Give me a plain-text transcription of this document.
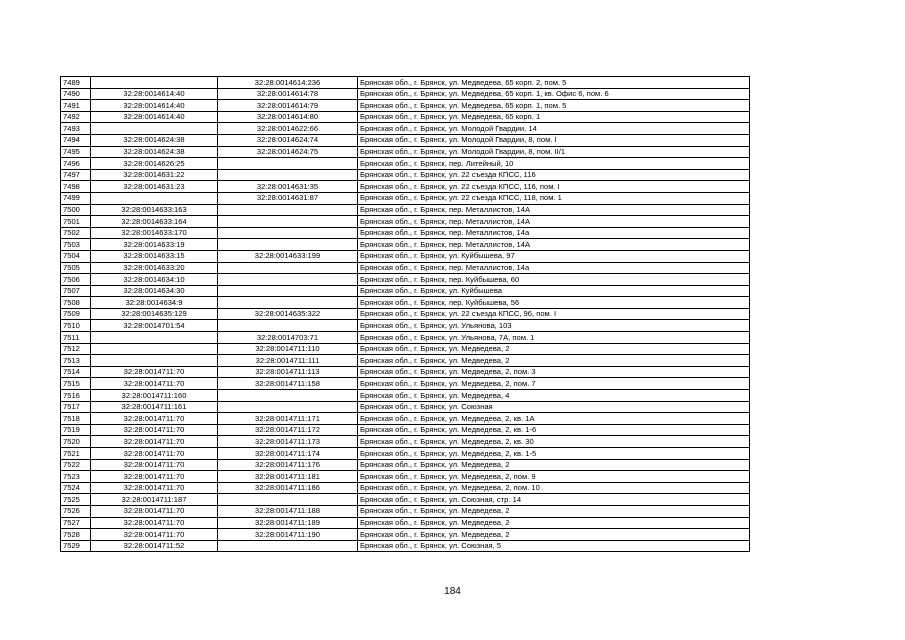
7489		32:28:0014614:236	Брянская обл., г. Брянск, ул. Медведева, 65 корп. 2, пом. 5
7490	32:28:0014614:40	32:28:0014614:78	Брянская обл., г. Брянск, ул. Медведева, 65 корп. 1, кв. Офис 6, пом. 6
7491	32:28:0014614:40	32:28:0014614:79	Брянская обл., г. Брянск, ул. Медведева, 65 корп. 1, пом. 5
7492	32:28:0014614:40	32:28:0014614:80	Брянская обл., г. Брянск, ул. Медведева, 65 корп. 1
7493		32:28:0014622:66	Брянская обл., г. Брянск, ул. Молодой Гвардии, 14
7494	32:28:0014624:38	32:28:0014624:74	Брянская обл., г. Брянск, ул. Молодой Гвардии, 8, пом. I
7495	32:28:0014624:38	32:28:0014624:75	Брянская обл., г. Брянск, ул. Молодой Гвардии, 8, пом. II/1
7496	32:28:0014626:25		Брянская обл., г. Брянск, пер. Литейный, 10
7497	32:28:0014631:22		Брянская обл., г. Брянск, ул. 22 съезда КПСС, 116
7498	32:28:0014631:23	32:28:0014631:35	Брянская обл., г. Брянск, ул. 22 съезда КПСС, 116, пом. I
7499		32:28:0014631:87	Брянская обл., г. Брянск, ул. 22 съезда КПСС, 118, пом. 1
7500	32:28:0014633:163		Брянская обл., г. Брянск, пер. Металлистов, 14А
7501	32:28:0014633:164		Брянская обл., г. Брянск, пер. Металлистов, 14А
7502	32:28:0014633:170		Брянская обл., г. Брянск, пер. Металлистов, 14а
7503	32:28:0014633:19		Брянская обл., г. Брянск, пер. Металлистов, 14А
7504	32:28:0014633:15	32:28:0014633:199	Брянская обл., г. Брянск, ул. Куйбышева, 97
7505	32:28:0014633:20		Брянская обл., г. Брянск, пер. Металлистов, 14а
7506	32:28:0014634:10		Брянская обл., г. Брянск, пер. Куйбышева, 60
7507	32:28:0014634:30		Брянская обл., г. Брянск, ул. Куйбышева
7508	32:28:0014634:9		Брянская обл., г. Брянск, пер. Куйбышева, 56
7509	32:28:0014635:129	32:28:0014635:322	Брянская обл., г. Брянск, ул. 22 съезда КПСС, 96, пом. I
7510	32:28:0014701:54		Брянская обл., г. Брянск, ул. Ульянова, 103
7511		32:28:0014703:71	Брянская обл., г. Брянск, ул. Ульянова, 7А, пом. 1
7512		32:28:0014711:110	Брянская обл., г. Брянск, ул. Медведева, 2
7513		32:28:0014711:111	Брянская обл., г. Брянск, ул. Медведева, 2
7514	32:28:0014711:70	32:28:0014711:113	Брянская обл., г. Брянск, ул. Медведева, 2, пом. 3
7515	32:28:0014711:70	32:28:0014711:158	Брянская обл., г. Брянск, ул. Медведева, 2, пом. 7
7516	32:28:0014711:160		Брянская обл., г. Брянск, ул. Медведева, 4
7517	32:28:0014711:161		Брянская обл., г. Брянск, ул. Союзная
7518	32:28:0014711:70	32:28:0014711:171	Брянская обл., г. Брянск, ул. Медведева, 2, кв. 1А
7519	32:28:0014711:70	32:28:0014711:172	Брянская обл., г. Брянск, ул. Медведева, 2, кв. 1-6
7520	32:28:0014711:70	32:28:0014711:173	Брянская обл., г. Брянск, ул. Медведева, 2, кв. 30
7521	32:28:0014711:70	32:28:0014711:174	Брянская обл., г. Брянск, ул. Медведева, 2, кв. 1-5
7522	32:28:0014711:70	32:28:0014711:176	Брянская обл., г. Брянск, ул. Медведева, 2
7523	32:28:0014711:70	32:28:0014711:181	Брянская обл., г. Брянск, ул. Медведева, 2, пом. 9
7524	32:28:0014711:70	32:28:0014711:186	Брянская обл., г. Брянск, ул. Медведева, 2, пом. 10
7525	32:28:0014711:187		Брянская обл., г. Брянск, ул. Союзная, стр. 14
7526	32:28:0014711:70	32:28:0014711:188	Брянская обл., г. Брянск, ул. Медведева, 2
7527	32:28:0014711:70	32:28:0014711:189	Брянская обл., г. Брянск, ул. Медведева, 2
7528	32:28:0014711:70	32:28:0014711:190	Брянская обл., г. Брянск, ул. Медведева, 2
7529	32:28:0014711:52		Брянская обл., г. Брянск, ул. Союзная, 5
184
